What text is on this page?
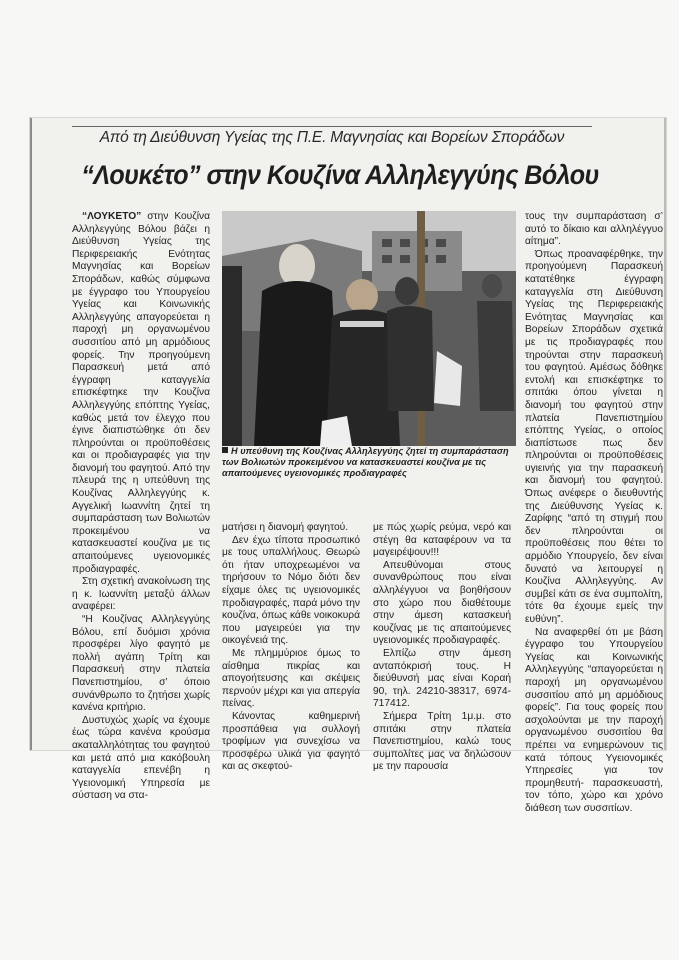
Από τη Διεύθυνση Υγείας της Π.Ε. Μαγνησίας και Βορείων Σποράδων
“Λουκέτο” στην Κουζίνα Αλληλεγγύης Βόλου

“ΛΟΥΚΕΤΟ” στην Κουζίνα Αλληλεγγύης Βόλου βάζει η Διεύθυνση Υγείας της Περιφερειακής Ενότητας Μαγνησίας και Βορείων Σποράδων, καθώς σύμφωνα με έγγραφο του Υπουργείου Υγείας και Κοινωνικής Αλληλεγγύης απαγορεύεται η παροχή μη οργανωμένου συσσιτίου από μη αρμόδιους φορείς. Την προηγούμενη Παρασκευή μετά από έγγραφη καταγγελία επισκέφτηκε την Κουζίνα Αλληλεγγύης επόπτης Υγείας, καθώς μετά τον έλεγχο που έγινε διαπιστώθηκε ότι δεν πληρούνται οι προϋποθέσεις και οι προδιαγραφές για την διανομή του φαγητού. Από την πλευρά της η υπεύθυνη της Κουζίνας Αλληλεγγύης κ. Αγγελική Ιωαννίτη ζητεί τη συμπαράσταση των Βολιωτών προκειμένου να κατασκευαστεί κουζίνα με τις απαιτούμενες υγειονομικές προδιαγραφές.

Στη σχετική ανακοίνωση της η κ. Ιωαννίτη μεταξύ άλλων αναφέρει:

“Η Κουζίνας Αλληλεγγύης Βόλου, επί δυόμισι χρόνια προσφέρει λίγο φαγητό με πολλή αγάπη Τρίτη και Παρασκευή στην πλατεία Πανεπιστημίου, σ’ όποιο συνάνθρωπο το ζητήσει χωρίς κανένα κριτήριο.

Δυστυχώς χωρίς να έχουμε έως τώρα κανένα κρούσμα ακαταλληλότητας του φαγητού και μετά από μια κακόβουλη καταγγελία επενέβη η Υγειονομική Υπηρεσία με σύσταση να στα-

Η υπεύθυνη της Κουζίνας Αλληλεγγύης ζητεί τη συμπαράσταση των Βολιωτών προκειμένου να κατασκευαστεί κουζίνα με τις απαιτούμενες υγειονομικές προδιαγραφές

ματήσει η διανομή φαγητού.

Δεν έχω τίποτα προσωπικό με τους υπαλλήλους. Θεωρώ ότι ήταν υποχρεωμένοι να τηρήσουν το Νόμο διότι δεν είχαμε όλες τις υγειονομικές προδιαγραφές, παρά μόνο την κουζίνα, όπως κάθε νοικοκυρά που μαγειρεύει για την οικογένειά της.

Με πλημμύριοε όμως το αίσθημα πικρίας και απογοήτευσης και σκέψεις περνούν μέχρι και για απεργία πείνας.

Κάνοντας καθημερινή προσπάθεια για συλλογή τροφίμων για συνεχίσω να προσφέρω υλικά για φαγητό και ας σκεφτού-

με πώς χωρίς ρεύμα, νερό και στέγη θα καταφέρουν να τα μαγειρέψουν!!!

Απευθύνομαι στους συνανθρώπους που είναι αλληλέγγυοι να βοηθήσουν στο χώρο που διαθέτουμε στην άμεση κατασκευή κουζίνας με τις απαιτούμενες υγειονομικές προδιαγραφές.

Ελπίζω στην άμεση ανταπόκρισή τους. Η διεύθυνσή μας είναι Κοραή 90, τηλ. 24210-38317, 6974-717412.

Σήμερα Τρίτη 1μ.μ. στο σπιτάκι στην πλατεία Πανεπιστημίου, καλώ τους συμπολίτες μας να δηλώσουν με την παρουσία

τους την συμπαράσταση σ’ αυτό το δίκαιο και αλληλέγγυο αίτημα”.

Όπως προαναφέρθηκε, την προηγούμενη Παρασκευή κατατέθηκε έγγραφη καταγγελία στη Διεύθυνση Υγείας της Περιφερειακής Ενότητας Μαγνησίας και Βορείων Σποράδων σχετικά με τις προδιαγραφές που τηρούνται στην παρασκευή του φαγητού. Αμέσως δόθηκε εντολή και επισκέφτηκε το σπιτάκι όπου γίνεται η διανομή του φαγητού στην πλατεία Πανεπιστημίου επόπτης Υγείας, ο οποίος διαπίστωσε πως δεν πληρούνται οι προϋποθέσεις υγιεινής για την παρασκευή και διανομή του φαγητού. Όπως ανέφερε ο διευθυντής της Διεύθυνσης Υγείας κ. Ζαρίφης “από τη στιγμή που δεν πληρούνται οι προϋποθέσεις που θέτει το αρμόδιο Υπουργείο, δεν είναι δυνατό να λειτουργεί η Κουζίνα Αλληλεγγύης. Αν συμβεί κάτι σε ένα συμπολίτη, τότε θα έχουμε εμείς την ευθύνη”.

Να αναφερθεί ότι με βάση έγγραφο του Υπουργείου Υγείας και Κοινωνικής Αλληλεγγύης “απαγορεύεται η παροχή μη οργανωμένου συσσιτίου από μη αρμόδιους φορείς”. Για τους φορείς που ασχολούνται με την παροχή οργανωμένου συσσιτίου θα πρέπει να ενημερώνουν τις κατά τόπους Υγειονομικές Υπηρεσίες για τον προμηθευτή- παρασκευαστή, τον τόπο, χώρο και χρόνο διάθεση των συσσιτίων.
